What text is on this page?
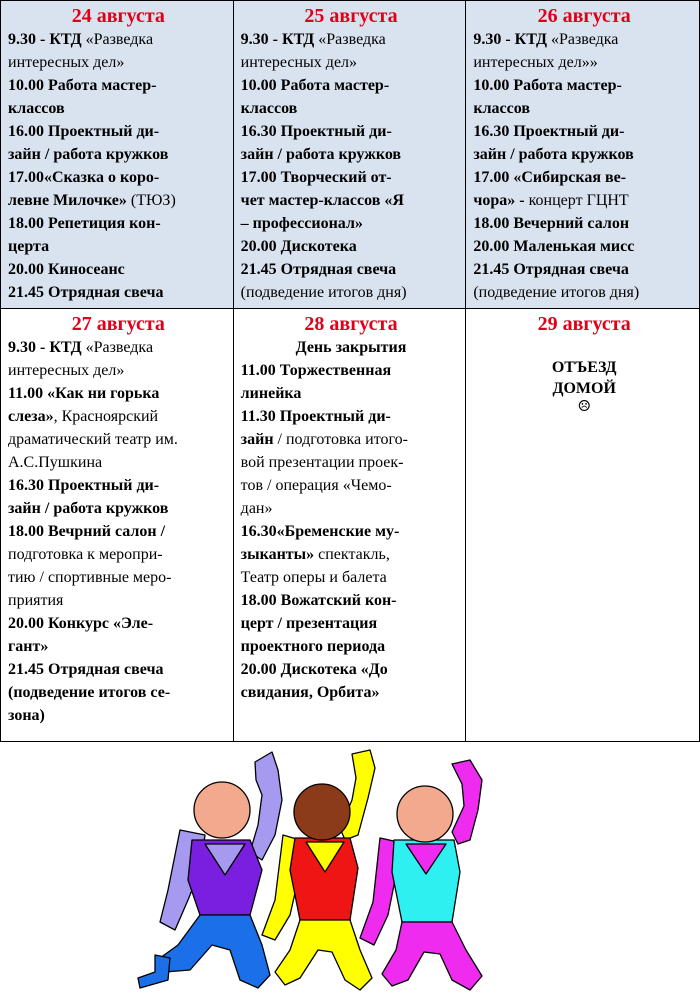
24 августа
9.30 - КТД «Разведка
интересных дел»
10.00 Работа мастер-
классов
16.00 Проектный ди-
зайн / работа кружков
17.00«Сказка о коро-
левне Милочке» (ТЮЗ)
18.00 Репетиция кон-
церта
20.00 Киносеанс
21.45 Отрядная свеча
25 августа
9.30 - КТД «Разведка
интересных дел»
10.00 Работа мастер-
классов
16.30 Проектный ди-
зайн / работа кружков
17.00 Творческий от-
чет мастер-классов «Я
– профессионал»
20.00 Дискотека
21.45 Отрядная свеча
(подведение итогов дня)
26 августа
9.30 - КТД «Разведка
интересных дел»»
10.00 Работа мастер-
классов
16.30 Проектный ди-
зайн / работа кружков
17.00 «Сибирская ве-
чора» - концерт ГЦНТ
18.00 Вечерний салон
20.00 Маленькая мисс
21.45 Отрядная свеча
(подведение итогов дня)
27 августа
9.30 - КТД «Разведка
интересных дел»
11.00 «Как ни горька
слеза», Красноярский
драматический театр им.
А.С.Пушкина
16.30 Проектный ди-
зайн / работа кружков
18.00 Вечрний салон /
подготовка к меропри-
тию / спортивные меро-
приятия
20.00 Конкурс «Эле-
гант»
21.45 Отрядная свеча
(подведение итогов се-
зона)
28 августа
День закрытия
11.00 Торжественная
линейка
11.30 Проектный ди-
зайн / подготовка итого-
вой презентации проек-
тов / операция «Чемо-
дан»
16.30«Бременские му-
зыканты» спектакль,
Театр оперы и балета
18.00 Вожатский кон-
церт / презентация
проектного периода
20.00 Дискотека «До
свидания, Орбита»
29 августа
ОТЪЕЗД
ДОМОЙ
☹
